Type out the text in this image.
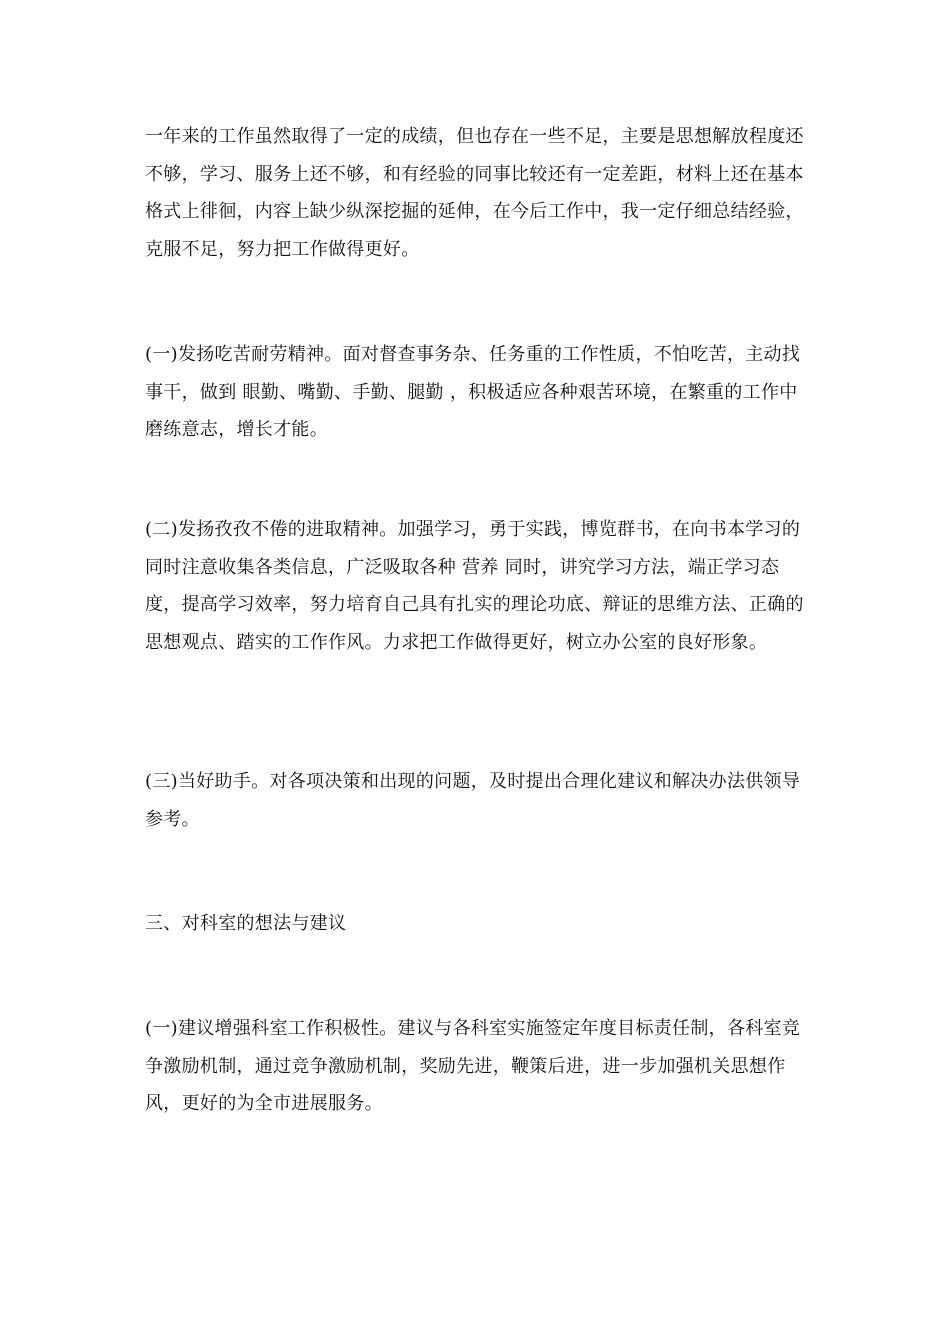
一年来的工作虽然取得了一定的成绩，但也存在一些不足，主要是思想解放程度还不够，学习、服务上还不够，和有经验的同事比较还有一定差距，材料上还在基本格式上徘徊，内容上缺少纵深挖掘的延伸，在今后工作中，我一定仔细总结经验，克服不足，努力把工作做得更好。

(一)发扬吃苦耐劳精神。面对督查事务杂、任务重的工作性质，不怕吃苦，主动找事干，做到 眼勤、嘴勤、手勤、腿勤 ，积极适应各种艰苦环境，在繁重的工作中磨练意志，增长才能。

(二)发扬孜孜不倦的进取精神。加强学习，勇于实践，博览群书，在向书本学习的同时注意收集各类信息，广泛吸取各种 营养 同时，讲究学习方法，端正学习态度，提高学习效率，努力培育自己具有扎实的理论功底、辩证的思维方法、正确的思想观点、踏实的工作作风。力求把工作做得更好，树立办公室的良好形象。

(三)当好助手。对各项决策和出现的问题，及时提出合理化建议和解决办法供领导参考。

三、对科室的想法与建议

(一)建议增强科室工作积极性。建议与各科室实施签定年度目标责任制，各科室竞争激励机制，通过竞争激励机制，奖励先进，鞭策后进，进一步加强机关思想作风，更好的为全市进展服务。
